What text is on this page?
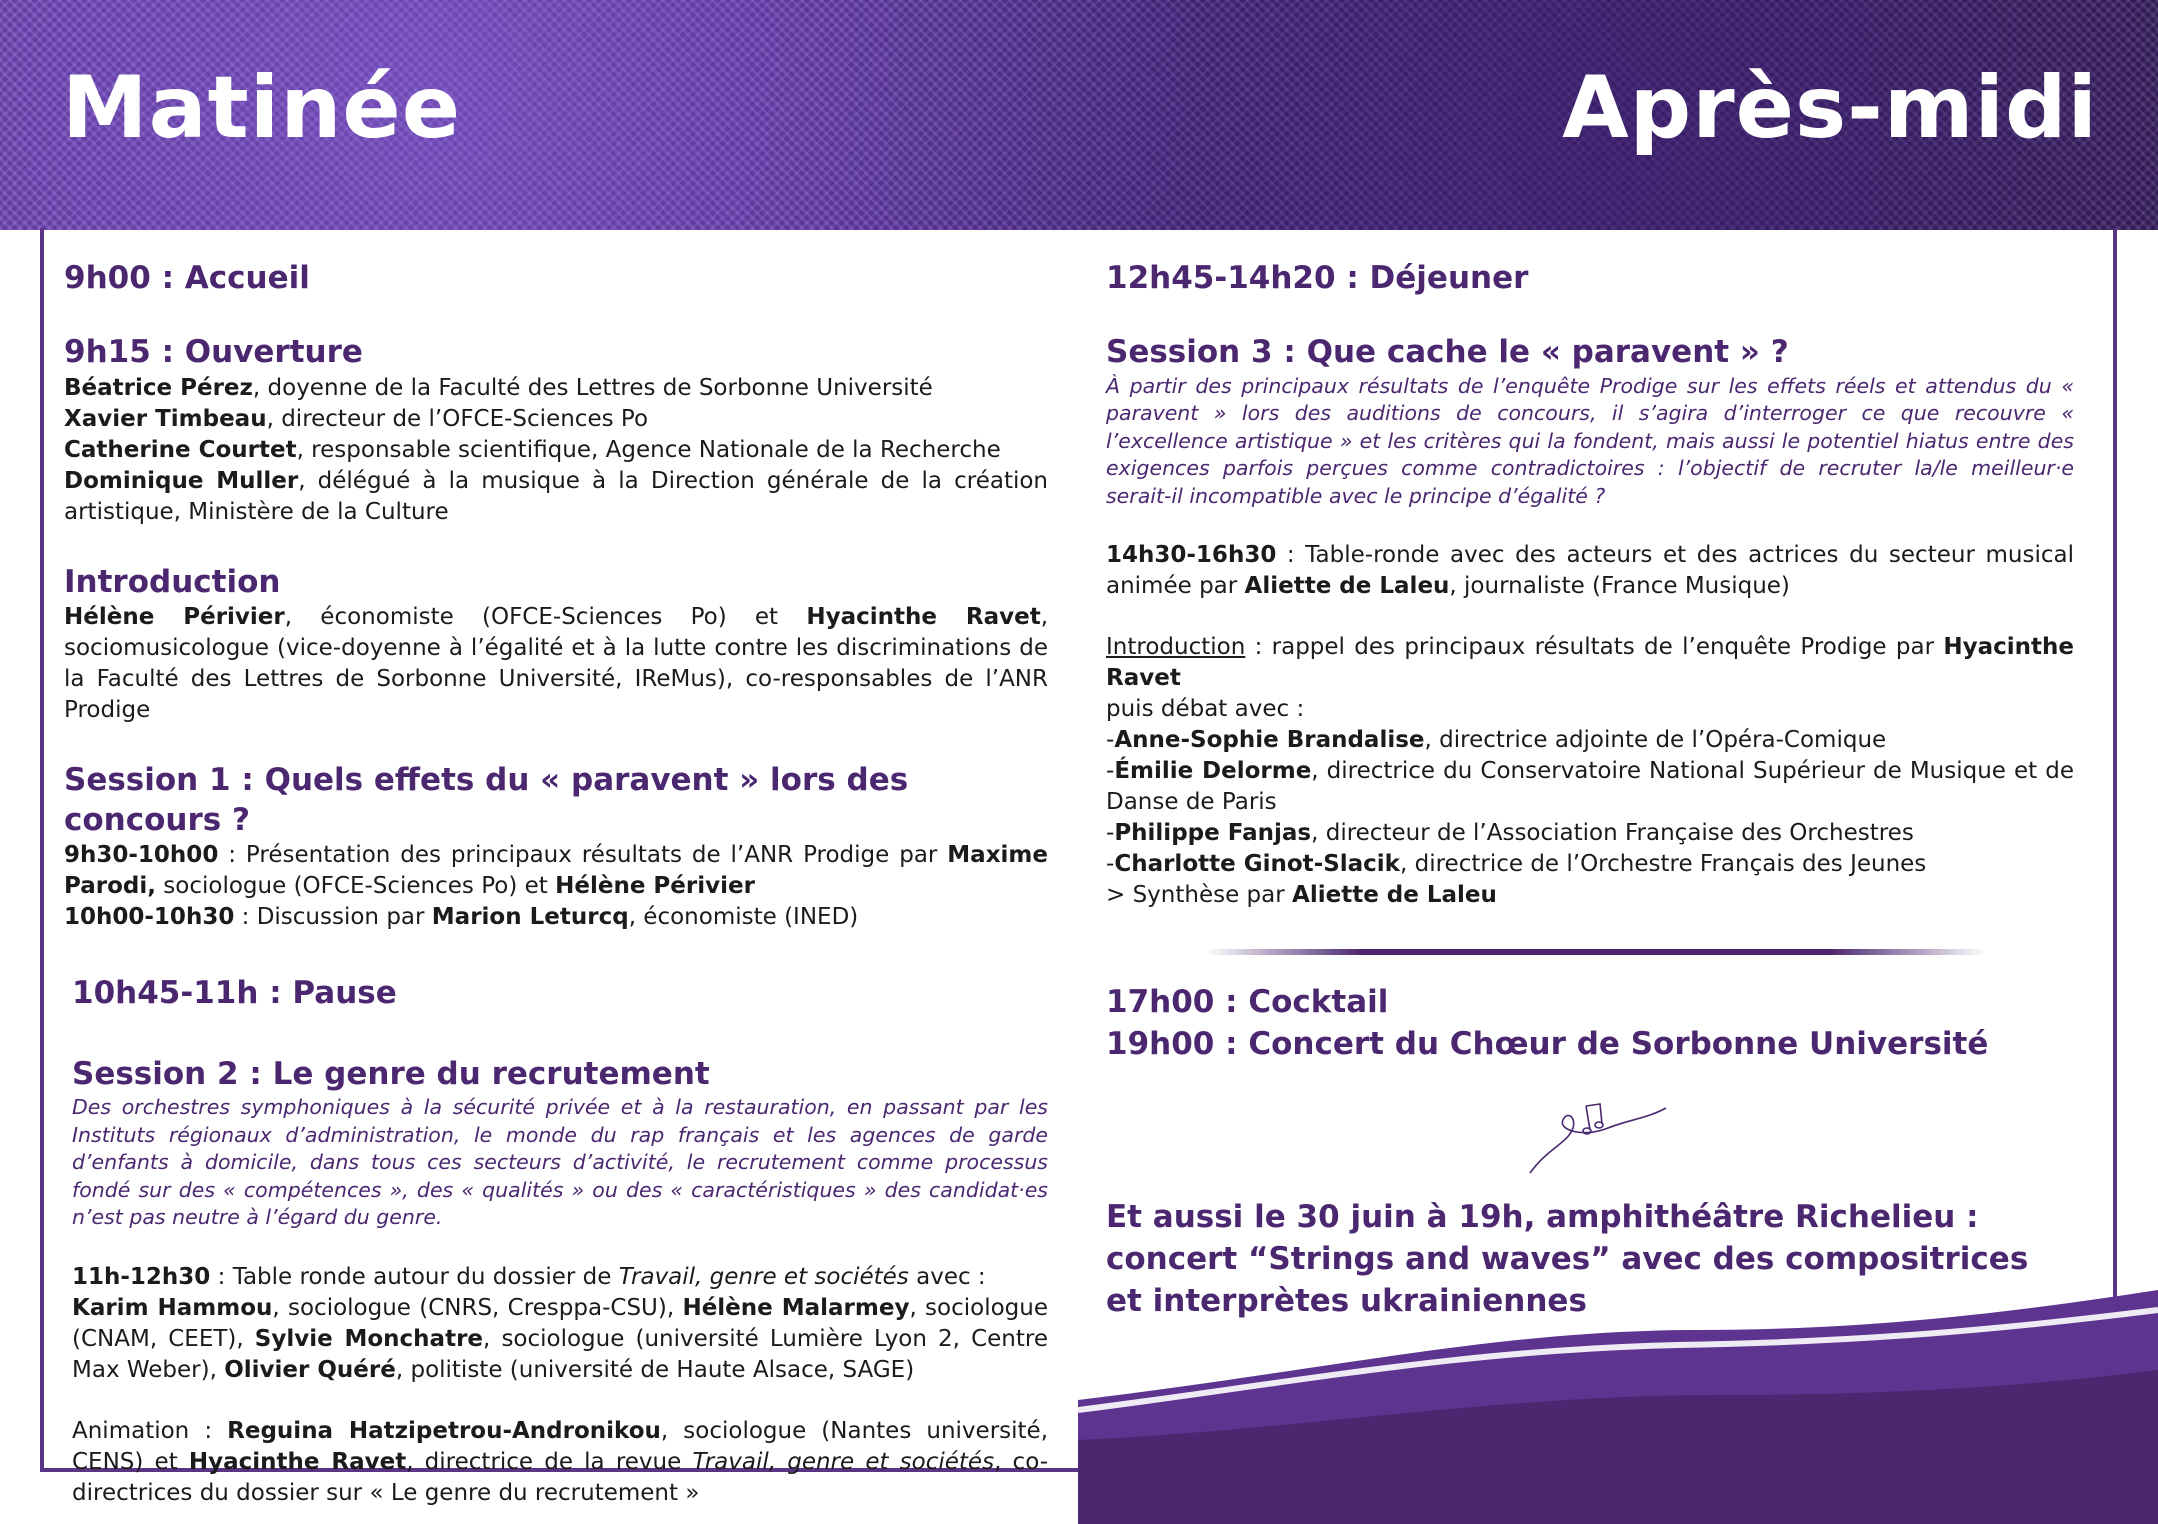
Matinée	Après-midi
9h00 : Accueil
9h15 : Ouverture

Béatrice Pérez, doyenne de la Faculté des Lettres de Sorbonne Université

Xavier Timbeau, directeur de l’OFCE-Sciences Po

Catherine Courtet, responsable scientifique, Agence Nationale de la Recherche

Dominique Muller, délégué à la musique à la Direction générale de la création artistique, Ministère de la Culture

Introduction

Hélène Périvier, économiste (OFCE-Sciences Po) et Hyacinthe Ravet, sociomusicologue (vice-doyenne à l’égalité et à la lutte contre les discriminations de la Faculté des Lettres de Sorbonne Université, IReMus), co-responsables de l’ANR Prodige

Session 1 : Quels effets du « paravent » lors des concours ?

9h30-10h00 : Présentation des principaux résultats de l’ANR Prodige par Maxime Parodi, sociologue (OFCE-Sciences Po) et Hélène Périvier
10h00-10h30 : Discussion par Marion Leturcq, économiste (INED)

10h45-11h : Pause
Session 2 : Le genre du recrutement

Des orchestres symphoniques à la sécurité privée et à la restauration, en passant par les Instituts régionaux d’administration, le monde du rap français et les agences de garde d’enfants à domicile, dans tous ces secteurs d’activité, le recrutement comme processus fondé sur des « compétences », des « qualités » ou des « caractéristiques » des candidat·es n’est pas neutre à l’égard du genre.

11h-12h30 : Table ronde autour du dossier de Travail, genre et sociétés avec :
Karim Hammou, sociologue (CNRS, Cresppa-CSU), Hélène Malarmey, sociologue (CNAM, CEET), Sylvie Monchatre, sociologue (université Lumière Lyon 2, Centre Max Weber), Olivier Quéré, politiste (université de Haute Alsace, SAGE)

Animation : Reguina Hatzipetrou-Andronikou, sociologue (Nantes université, CENS) et Hyacinthe Ravet, directrice de la revue Travail, genre et sociétés, co-directrices du dossier sur « Le genre du recrutement »

12h45-14h20 : Déjeuner
Session 3 : Que cache le « paravent » ?

À partir des principaux résultats de l’enquête Prodige sur les effets réels et attendus du « paravent » lors des auditions de concours, il s’agira d’interroger ce que recouvre « l’excellence artistique » et les critères qui la fondent, mais aussi le potentiel hiatus entre des exigences parfois perçues comme contradictoires : l’objectif de recruter la/le meilleur·e serait-il incompatible avec le principe d’égalité ?

14h30-16h30 : Table-ronde avec des acteurs et des actrices du secteur musical animée par Aliette de Laleu, journaliste (France Musique)

Introduction : rappel des principaux résultats de l’enquête Prodige par Hyacinthe Ravet
puis débat avec :

-Anne-Sophie Brandalise, directrice adjointe de l’Opéra-Comique

-Émilie Delorme, directrice du Conservatoire National Supérieur de Musique et de Danse de Paris

-Philippe Fanjas, directeur de l’Association Française des Orchestres

-Charlotte Ginot-Slacik, directrice de l’Orchestre Français des Jeunes

> Synthèse par Aliette de Laleu

17h00 : Cocktail
19h00 : Concert du Chœur de Sorbonne Université
Et aussi le 30 juin à 19h, amphithéâtre Richelieu : concert “Strings and waves” avec des compositrices et interprètes ukrainiennes
